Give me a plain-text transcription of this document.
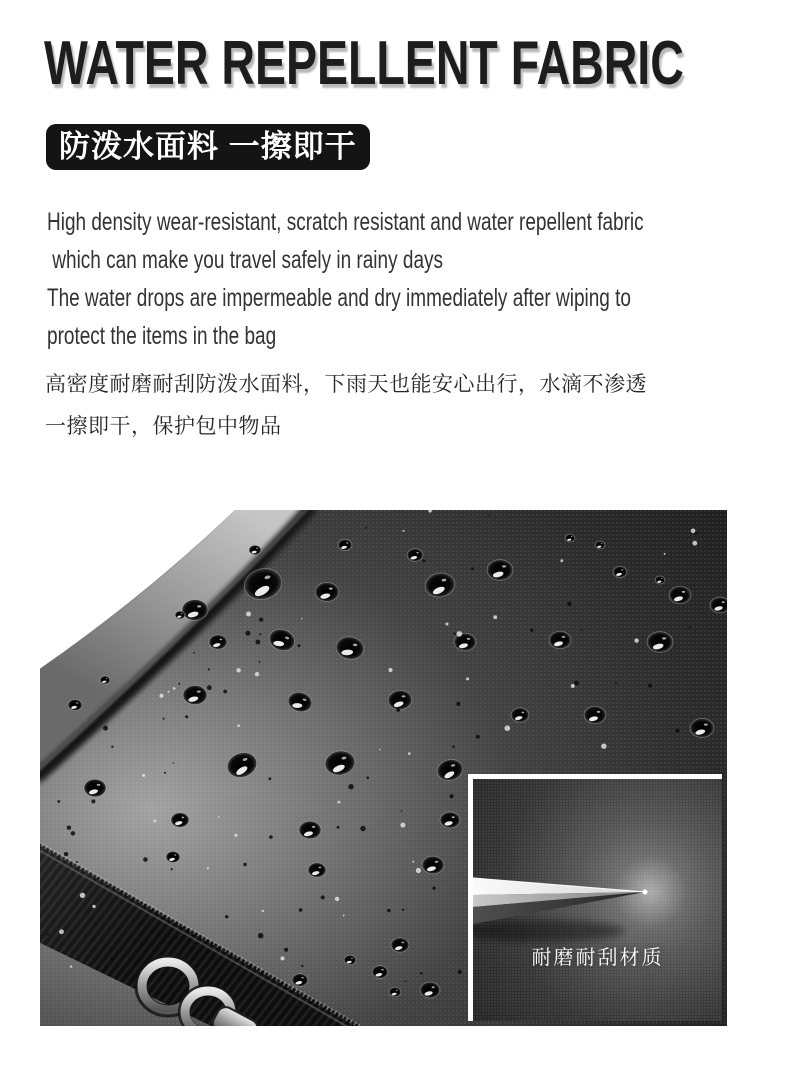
WATER REPELLENT FABRIC
防泼水面料 一擦即干
High density wear-resistant, scratch resistant and water repellent fabric
which can make you travel safely in rainy days
The water drops are impermeable and dry immediately after wiping to
protect the items in the bag
高密度耐磨耐刮防泼水面料，下雨天也能安心出行，水滴不渗透
一擦即干，保护包中物品
耐磨耐刮材质
